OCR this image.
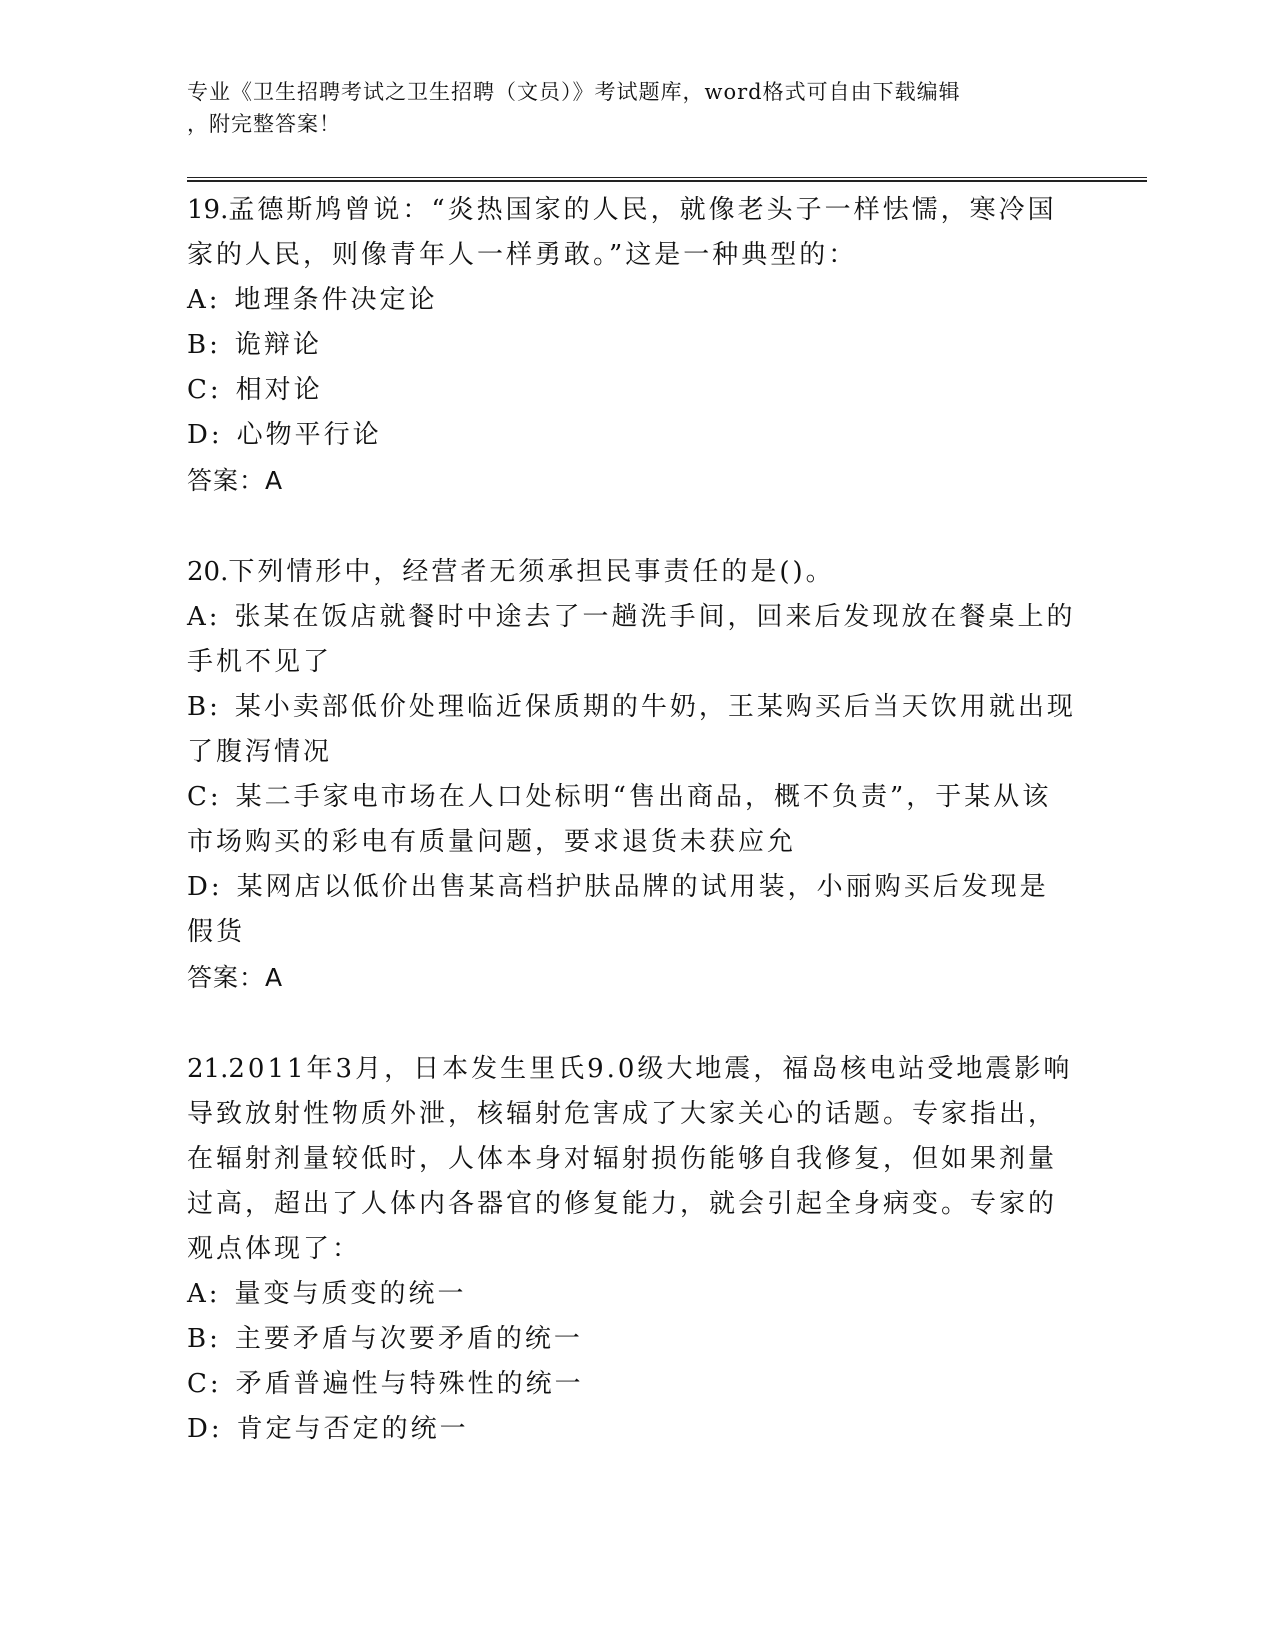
专业《卫生招聘考试之卫生招聘（文员）》考试题库，word格式可自由下载编辑
，附完整答案！
19.孟德斯鸠曾说：“炎热国家的人民，就像老头子一样怯懦，寒冷国家的人民，则像青年人一样勇敢。”这是一种典型的：
A: 地理条件决定论
B: 诡辩论
C: 相对论
D: 心物平行论
答案：A
20.下列情形中，经营者无须承担民事责任的是()。
A: 张某在饭店就餐时中途去了一趟洗手间，回来后发现放在餐桌上的手机不见了
B: 某小卖部低价处理临近保质期的牛奶，王某购买后当天饮用就出现了腹泻情况
C: 某二手家电市场在人口处标明“售出商品，概不负责”，于某从该市场购买的彩电有质量问题，要求退货未获应允
D: 某网店以低价出售某高档护肤品牌的试用装，小丽购买后发现是假货
答案：A
21.2011年3月，日本发生里氏9.0级大地震，福岛核电站受地震影响导致放射性物质外泄，核辐射危害成了大家关心的话题。专家指出，在辐射剂量较低时，人体本身对辐射损伤能够自我修复，但如果剂量过高，超出了人体内各器官的修复能力，就会引起全身病变。专家的观点体现了：
A: 量变与质变的统一
B: 主要矛盾与次要矛盾的统一
C: 矛盾普遍性与特殊性的统一
D: 肯定与否定的统一
